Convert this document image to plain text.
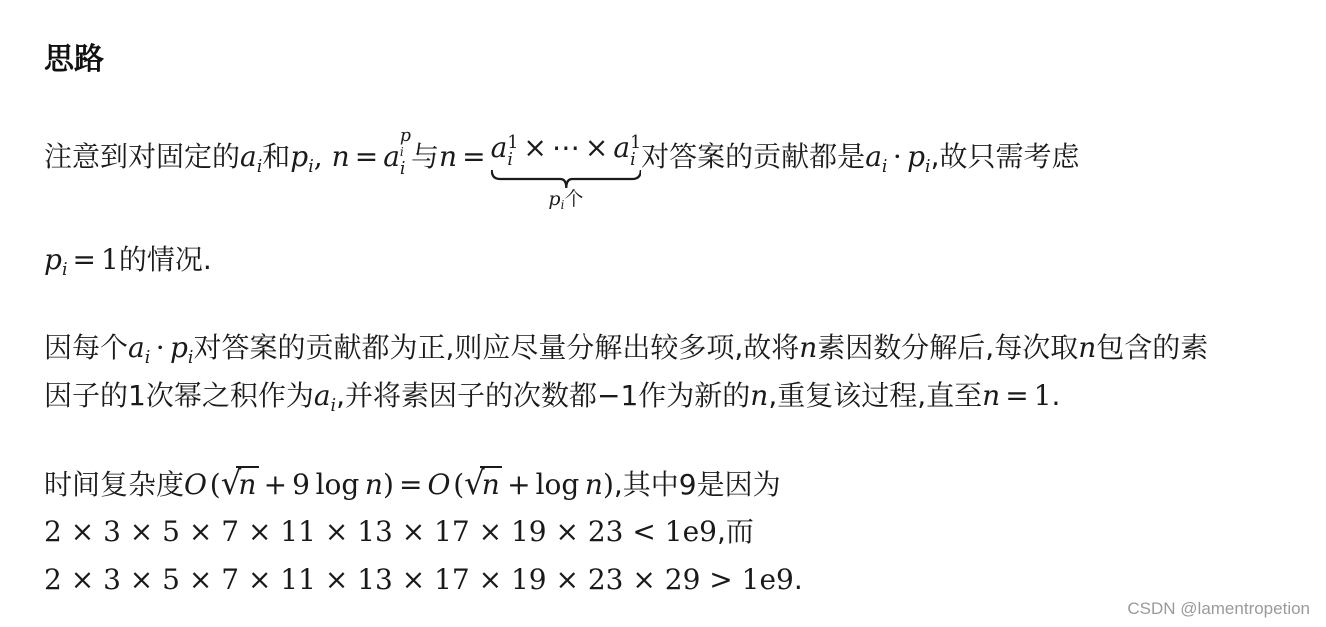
思路
注意到对固定的$a_i$和$p_i$, n = a
p
i
i 与n = a 1
i × ⋯ × a 1
i
$p_i$个
对答案的贡献都是$a_i \cdot p_i$,故只需考虑
$p_i = 1$的情况.
因每个$a_i \cdot p_i$对答案的贡献都为正,则应尽量分解出较多项,故将n素因数分解后,每次取n包含的素
因子的1次幂之积作为$a_i$,并将素因子的次数都−1作为新的n,重复该过程,直至n = 1.
时间复杂度O( √
n + 9 log n) = O( √
n + log n),其中9是因为
2 × 3 × 5 × 7 × 11 × 13 × 17 × 19 × 23 < 1e9,而
2 × 3 × 5 × 7 × 11 × 13 × 17 × 19 × 23 × 29 > 1e9.
CSDN @lamentropetion
